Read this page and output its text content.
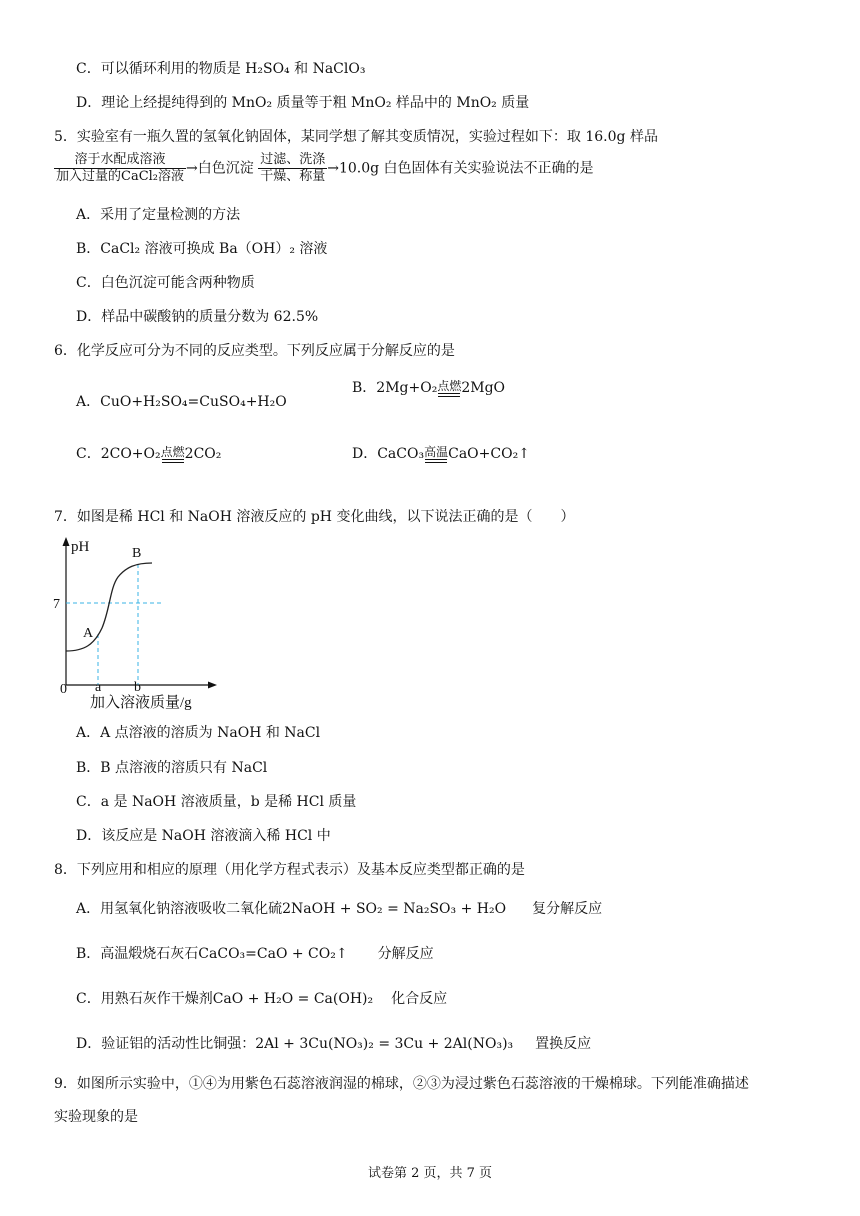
C．可以循环利用的物质是 H₂SO₄ 和 NaClO₃
D．理论上经提纯得到的 MnO₂ 质量等于粗 MnO₂ 样品中的 MnO₂ 质量
5．实验室有一瓶久置的氢氧化钠固体，某同学想了解其变质情况，实验过程如下：取 16.0g 样品
$\frac{\text{溶于水配成溶液}}{\text{加入过量的CaCl₂溶液}}$ →白色沉淀 $\frac{\text{过滤、洗涤}}{\text{干燥、称量}} \to 10.0g$ 白色固体有关实验说法不正确的是
A．采用了定量检测的方法
B．CaCl₂ 溶液可换成 Ba（OH）₂ 溶液
C．白色沉淀可能含两种物质
D．样品中碳酸钠的质量分数为 62.5%
6．化学反应可分为不同的反应类型。下列反应属于分解反应的是
A．CuO+H₂SO₄=CuSO₄+H₂O
B．2Mg+O₂ 点燃 2MgO
C．2CO+O₂ 点燃 2CO₂	D．CaCO₃ 高温 CaO+CO₂↑
7．如图是稀 HCl 和 NaOH 溶液反应的 pH 变化曲线，以下说法正确的是（　　）
pH
7
0 a b
A
B
加入溶液质量/g
A．A 点溶液的溶质为 NaOH 和 NaCl
B．B 点溶液的溶质只有 NaCl
C．a 是 NaOH 溶液质量，b 是稀 HCl 质量
D．该反应是 NaOH 溶液滴入稀 HCl 中
8．下列应用和相应的原理（用化学方程式表示）及基本反应类型都正确的是
A．用氢氧化钠溶液吸收二氧化硫2NaOH + SO₂ = Na₂SO₃ + H₂O 复分解反应
B．高温煅烧石灰石CaCO₃=CaO + CO₂↑ 分解反应
C．用熟石灰作干燥剂CaO + H₂O = Ca(OH)₂ 化合反应
D．验证铝的活动性比铜强：2Al + 3Cu(NO₃)₂ = 3Cu + 2Al(NO₃)₃ 置换反应
9．如图所示实验中，①④为用紫色石蕊溶液润湿的棉球，②③为浸过紫色石蕊溶液的干燥棉球。下列能准确描述
实验现象的是
试卷第 2 页，共 7 页
